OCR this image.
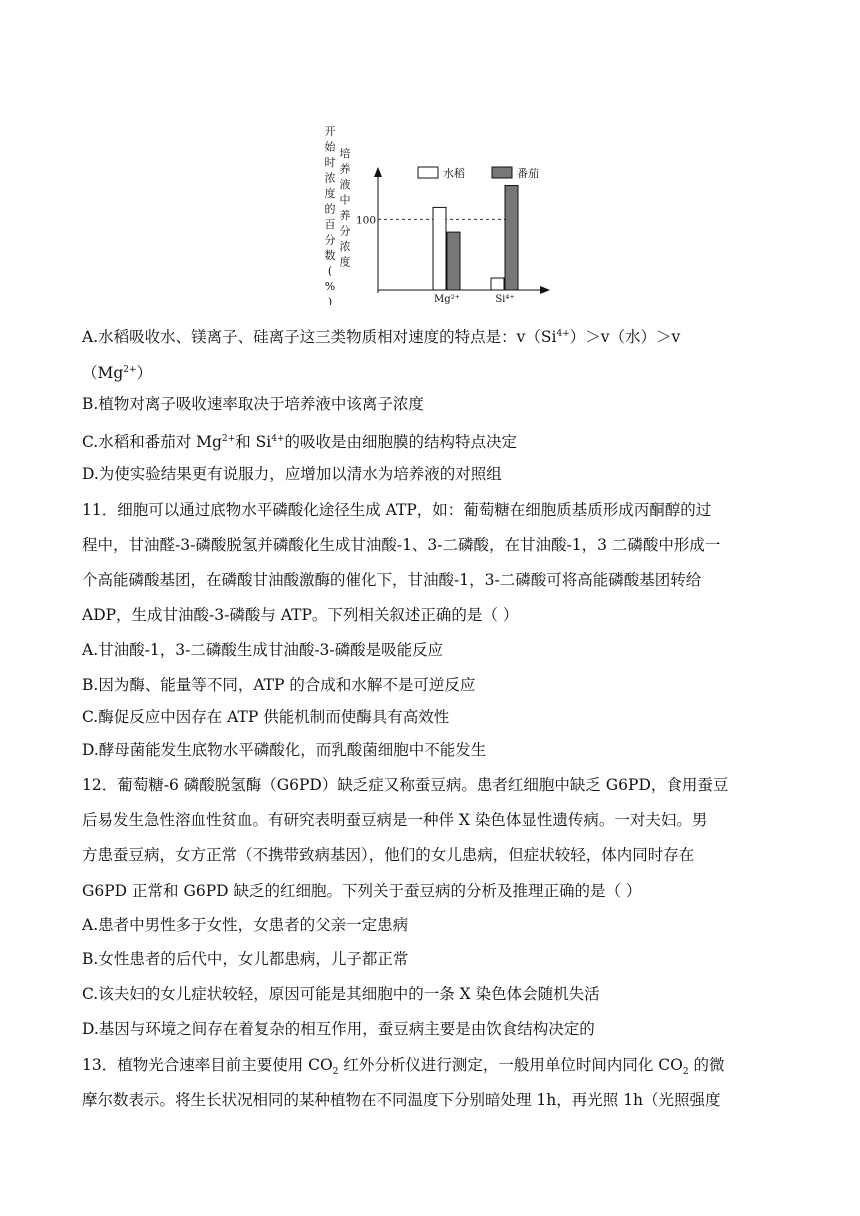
开始时浓度的百分数( % )
培养液中养分浓度
100
水稻	番茄
Mg²⁺	Si⁴⁺
A.水稻吸收水、镁离子、硅离子这三类物质相对速度的特点是：$v(Si^{4+})>v$（水）＞v
$(Mg^{2+})$
B.植物对离子吸收速率取决于培养液中该离子浓度
C.水稻和番茄对 $Mg^{2+}$和 $Si^{4+}$的吸收是由细胞膜的结构特点决定
D.为使实验结果更有说服力，应增加以清水为培养液的对照组
11．细胞可以通过底物水平磷酸化途径生成 ATP，如：葡萄糖在细胞质基质形成丙酮醇的过
程中，甘油醛-3-磷酸脱氢并磷酸化生成甘油酸-1、3-二磷酸，在甘油酸-1，3 二磷酸中形成一
个高能磷酸基团，在磷酸甘油酸激酶的催化下，甘油酸-1，3-二磷酸可将高能磷酸基团转给
ADP，生成甘油酸-3-磷酸与 ATP。下列相关叙述正确的是（ ）
A.甘油酸-1，3-二磷酸生成甘油酸-3-磷酸是吸能反应
B.因为酶、能量等不同，ATP 的合成和水解不是可逆反应
C.酶促反应中因存在 ATP 供能机制而使酶具有高效性
D.酵母菌能发生底物水平磷酸化，而乳酸菌细胞中不能发生
12．葡萄糖-6 磷酸脱氢酶（G6PD）缺乏症又称蚕豆病。患者红细胞中缺乏 G6PD，食用蚕豆
后易发生急性溶血性贫血。有研究表明蚕豆病是一种伴 X 染色体显性遗传病。一对夫妇。男
方患蚕豆病，女方正常（不携带致病基因），他们的女儿患病，但症状较轻，体内同时存在
G6PD 正常和 G6PD 缺乏的红细胞。下列关于蚕豆病的分析及推理正确的是（ ）
A.患者中男性多于女性，女患者的父亲一定患病
B.女性患者的后代中，女儿都患病，儿子都正常
C.该夫妇的女儿症状较轻，原因可能是其细胞中的一条 X 染色体会随机失活
D.基因与环境之间存在着复杂的相互作用，蚕豆病主要是由饮食结构决定的
13．植物光合速率目前主要使用 $CO_2$ 红外分析仪进行测定，一般用单位时间内同化 $CO_2$ 的微
摩尔数表示。将生长状况相同的某种植物在不同温度下分别暗处理 1h，再光照 1h（光照强度
